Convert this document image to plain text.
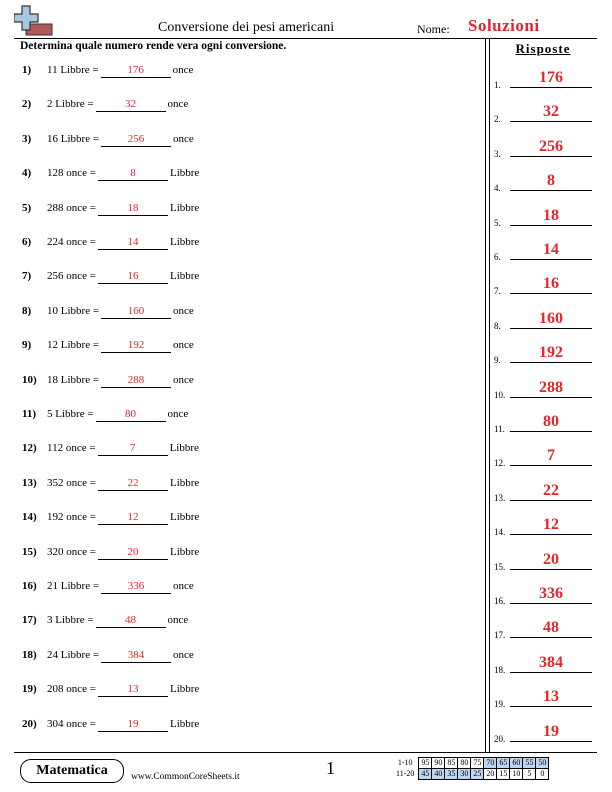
Conversione dei pesi americani	Nome: Soluzioni
Determina quale numero rende vera ogni conversione.	Risposte
1) 11 Libbre =	176	once
2) 2 Libbre =	32	once
3) 16 Libbre =	256	once
4) 128 once =	8	Libbre
5) 288 once =	18	Libbre
6) 224 once =	14	Libbre
7) 256 once =	16	Libbre
8) 10 Libbre =	160	once
9) 12 Libbre =	192	once
10) 18 Libbre =	288	once
11) 5 Libbre =	80	once
12) 112 once =	7	Libbre
13) 352 once =	22	Libbre
14) 192 once =	12	Libbre
15) 320 once =	20	Libbre
16) 21 Libbre =	336	once
17) 3 Libbre =	48	once
18) 24 Libbre =	384	once
19) 208 once =	13	Libbre
20) 304 once =	19	Libbre
1.	176
2.	32
3.	256
4.	8
5.	18
6.	14
7.	16
8.	160
9.	192
10.	288
11.	80
12.	7
13.	22
14.	12
15.	20
16.	336
17.	48
18.	384
19.	13
20.	19
Matematica	www.CommonCoreSheets.it	1	1-10	95	90	85	80	75	70	65	60	55	50
11-20	45	40	35	30	25	20	15	10	5	0
